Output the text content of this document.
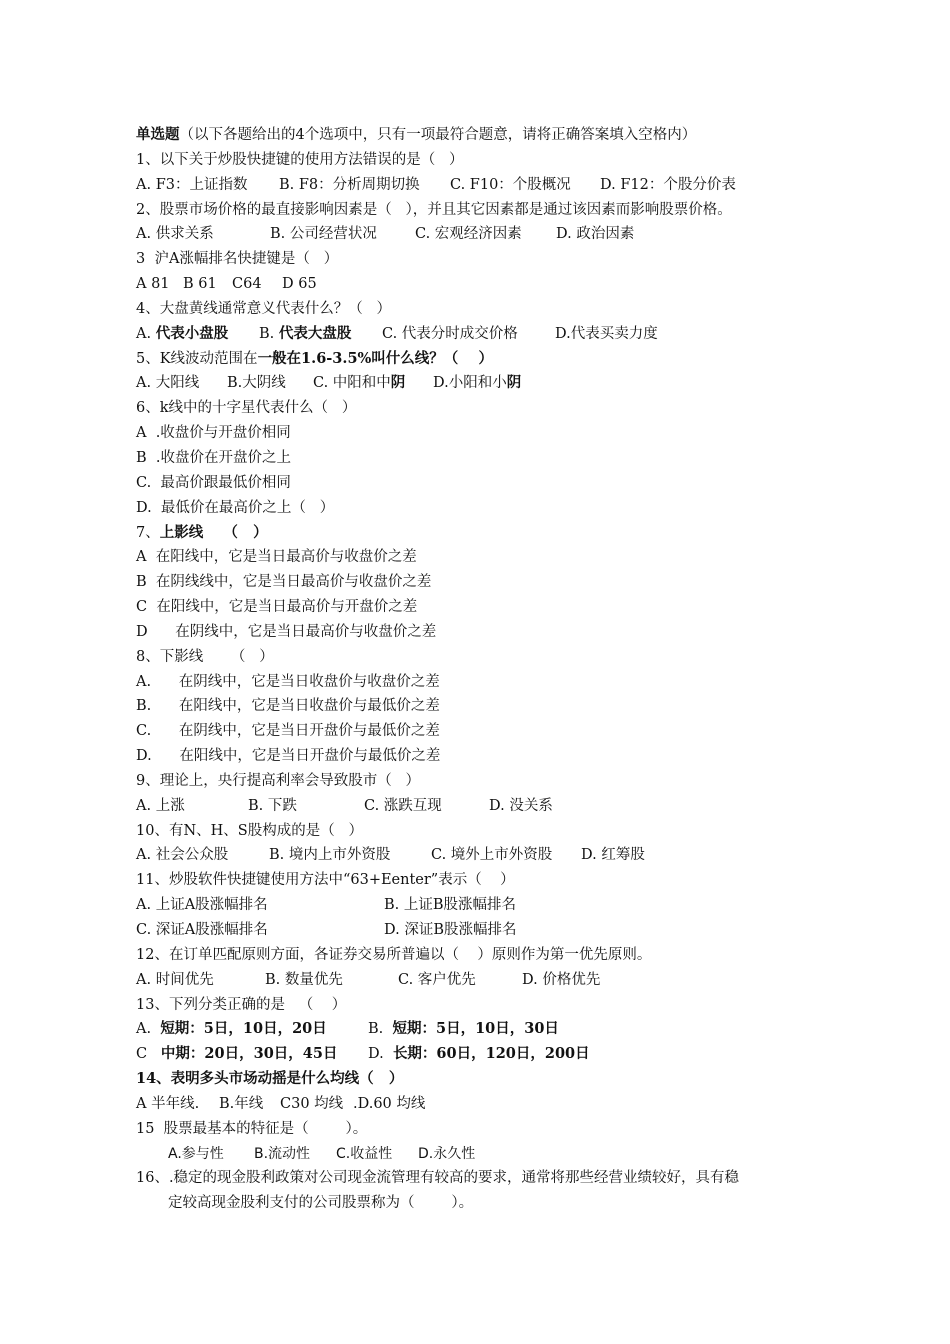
单选题（以下各题给出的4个选项中，只有一项最符合题意，请将正确答案填入空格内）
1、以下关于炒股快捷键的使用方法错误的是（   ）
A. F3：上证指数 B. F8：分析周期切换 C. F10：个股概况 D. F12：个股分价表
2、股票市场价格的最直接影响因素是（   ），并且其它因素都是通过该因素而影响股票价格。
A. 供求关系	B. 公司经营状况	C. 宏观经济因素 D. 政治因素
3  沪A涨幅排名快捷键是（   ）
A 81 B 61 C64 D 65
4、大盘黄线通常意义代表什么？（   ）
A. 代表小盘股 B. 代表大盘股 C. 代表分时成交价格	D.代表买卖力度
5、K线波动范围在一般在1.6-3.5%叫什么线？（    ）
A. 大阳线 B.大阴线 C. 中阳和中阴 D.小阳和小阴
6、k线中的十字星代表什么（   ）
A  .收盘价与开盘价相同
B  .收盘价在开盘价之上
C.  最高价跟最低价相同
D.  最低价在最高价之上（   ）
7、上影线    （   ）
A  在阳线中，它是当日最高价与收盘价之差
B  在阴线线中，它是当日最高价与收盘价之差
C  在阳线中，它是当日最高价与开盘价之差
D      在阴线中，它是当日最高价与收盘价之差
8、下影线      （   ）
A.      在阴线中，它是当日收盘价与收盘价之差
B.      在阳线中，它是当日收盘价与最低价之差
C.      在阴线中，它是当日开盘价与最低价之差
D.      在阳线中，它是当日开盘价与最低价之差
9、理论上，央行提高利率会导致股市（   ）
A. 上涨	B. 下跌	C. 涨跌互现	D. 没关系
10、有N、H、S股构成的是（   ）
A. 社会公众股	B. 境内上市外资股	C. 境外上市外资股 D. 红筹股
11、炒股软件快捷键使用方法中“63+Eenter”表示（    ）
A. 上证A股涨幅排名	B. 上证B股涨幅排名
C. 深证A股涨幅排名	D. 深证B股涨幅排名
12、在订单匹配原则方面，各证券交易所普遍以（    ）原则作为第一优先原则。
A. 时间优先	B. 数量优先	C. 客户优先	D. 价格优先
13、下列分类正确的是   （    ）
A.  短期：5日，10日，20日	B.  短期：5日，10日，30日
C   中期：20日，30日，45日 D.  长期：60日，120日，200日
14、表明多头市场动摇是什么均线（   ）
A 半年线. B.年线 C30 均线 .D.60 均线
15  股票最基本的特征是（        ）。
A.参与性 B.流动性 C.收益性 D.永久性
16、.稳定的现金股利政策对公司现金流管理有较高的要求，通常将那些经营业绩较好，具有稳
定较高现金股利支付的公司股票称为（        ）。
